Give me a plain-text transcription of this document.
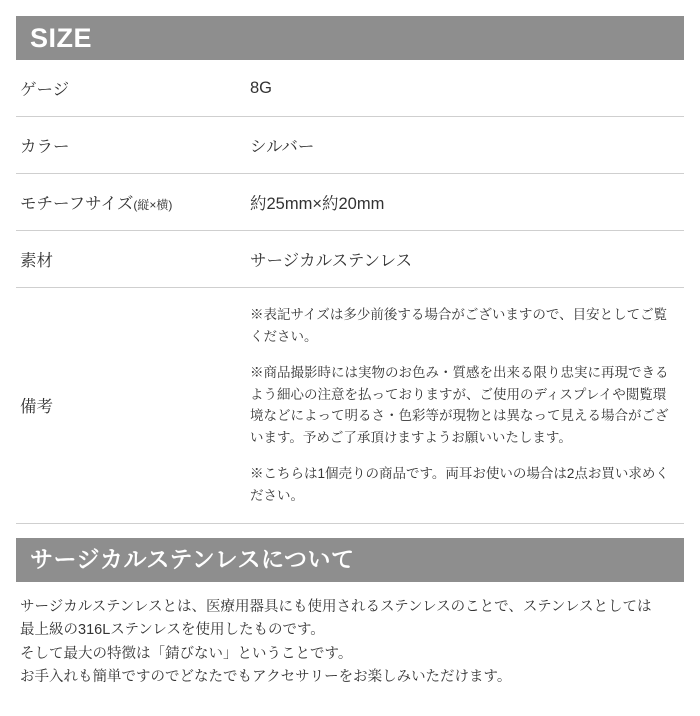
SIZE
ゲージ	8G
カラー	シルバー
モチーフサイズ(縦×横)	約25mm×約20mm
素材	サージカルステンレス
備考	※表記サイズは多少前後する場合がございますので、目安としてご覧ください。

※商品撮影時には実物のお色み・質感を出来る限り忠実に再現できるよう細心の注意を払っておりますが、ご使用のディスプレイや閲覧環境などによって明るさ・色彩等が現物とは異なって見える場合がございます。予めご了承頂けますようお願いいたします。

※こちらは1個売りの商品です。両耳お使いの場合は2点お買い求めください。

サージカルステンレスについて

サージカルステンレスとは、医療用器具にも使用されるステンレスのことで、ステンレスとしては

最上級の316Lステンレスを使用したものです。

そして最大の特徴は「錆びない」ということです。

お手入れも簡単ですのでどなたでもアクセサリーをお楽しみいただけます。
